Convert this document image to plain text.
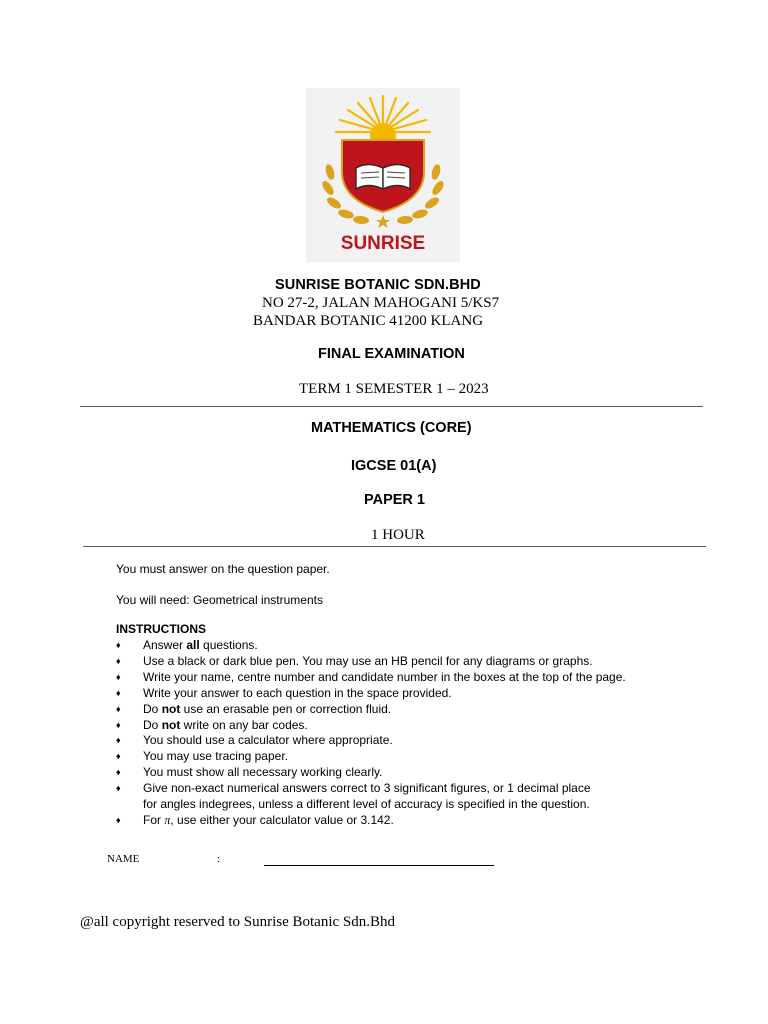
SUNRISE
SUNRISE BOTANIC SDN.BHD
NO 27-2, JALAN MAHOGANI 5/KS7
BANDAR BOTANIC 41200 KLANG
FINAL EXAMINATION
TERM 1 SEMESTER 1 – 2023
MATHEMATICS (CORE)
IGCSE 01(A)
PAPER 1
1 HOUR
You must answer on the question paper.
You will need: Geometrical instruments
INSTRUCTIONS
♦ Answer all questions.
♦ Use a black or dark blue pen. You may use an HB pencil for any diagrams or graphs.
♦ Write your name, centre number and candidate number in the boxes at the top of the page.
♦ Write your answer to each question in the space provided.
♦ Do not use an erasable pen or correction fluid.
♦ Do not write on any bar codes.
♦ You should use a calculator where appropriate.
♦ You may use tracing paper.
♦ You must show all necessary working clearly.
♦ Give non-exact numerical answers correct to 3 significant figures, or 1 decimal place
for angles indegrees, unless a different level of accuracy is specified in the question.
♦ For π, use either your calculator value or 3.142.
NAME	:
@all copyright reserved to Sunrise Botanic Sdn.Bhd
